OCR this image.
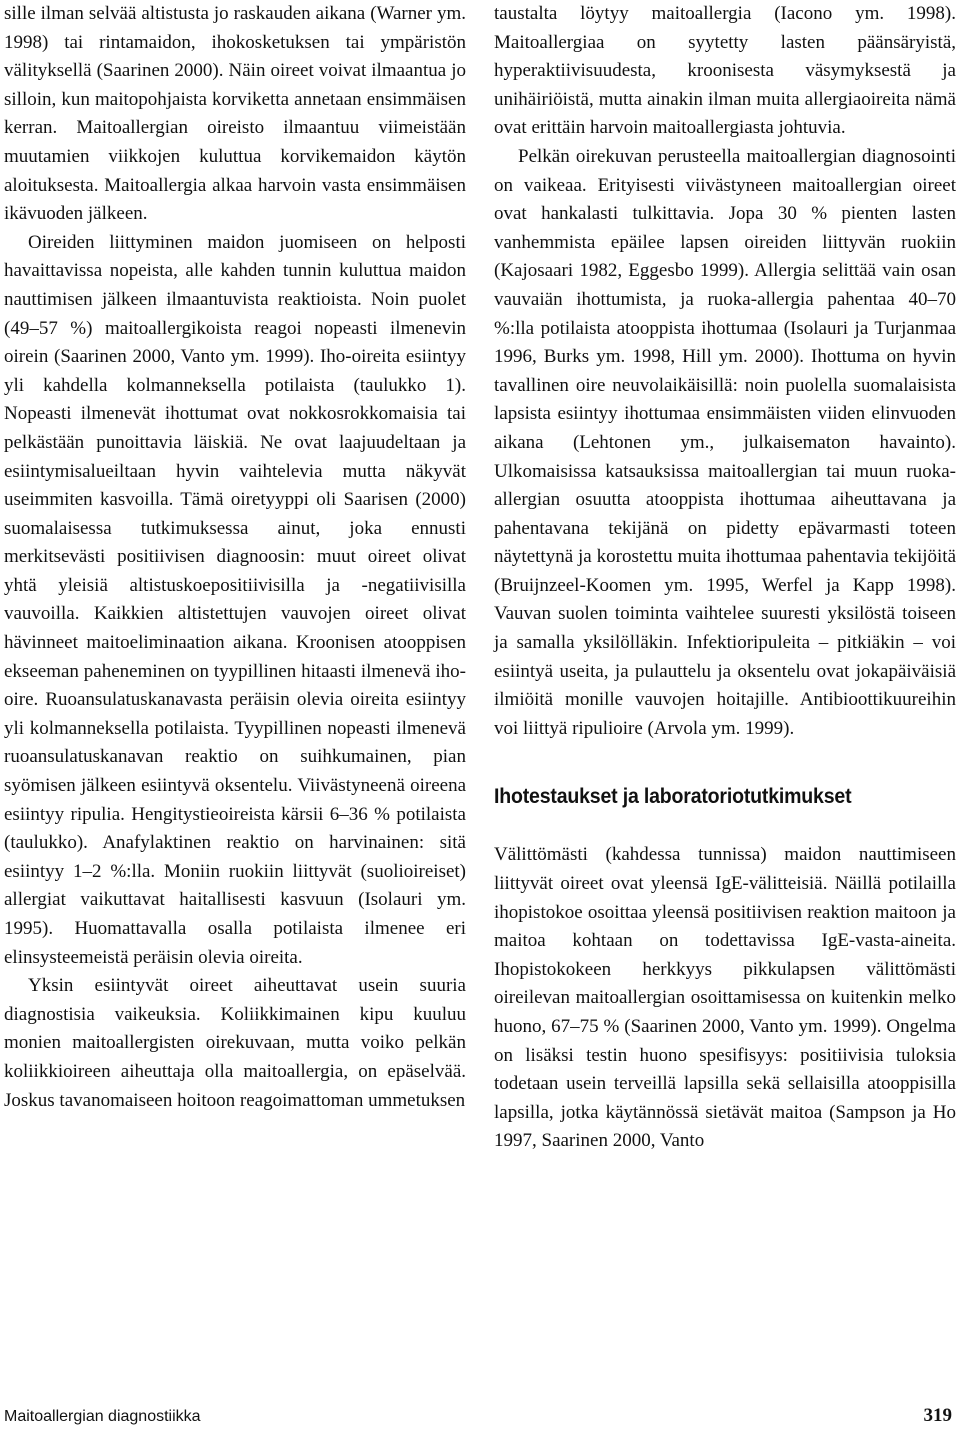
sille ilman selvää altistusta jo raskauden aikana (Warner ym. 1998) tai rintamaidon, ihokosketuksen tai ympäristön välityksellä (Saarinen 2000). Näin oireet voivat ilmaantua jo silloin, kun maitopohjaista korviketta annetaan ensimmäisen kerran. Maitoallergian oireisto ilmaantuu viimeistään muutamien viikkojen kuluttua korvikemaidon käytön aloituksesta. Maitoallergia alkaa harvoin vasta ensimmäisen ikävuoden jälkeen.

Oireiden liittyminen maidon juomiseen on helposti havaittavissa nopeista, alle kahden tunnin kuluttua maidon nauttimisen jälkeen ilmaantuvista reaktioista. Noin puolet (49–57 %) maitoallergikoista reagoi nopeasti ilmenevin oirein (Saarinen 2000, Vanto ym. 1999). Iho-oireita esiintyy yli kahdella kolmanneksella potilaista (taulukko 1). Nopeasti ilmenevät ihottumat ovat nokkosrokkomaisia tai pelkästään punoittavia läiskiä. Ne ovat laajuudeltaan ja esiintymisalueiltaan hyvin vaihtelevia mutta näkyvät useimmiten kasvoilla. Tämä oiretyyppi oli Saarisen (2000) suomalaisessa tutkimuksessa ainut, joka ennusti merkitsevästi positiivisen diagnoosin: muut oireet olivat yhtä yleisiä altistuskoepositiivisilla ja -negatiivisilla vauvoilla. Kaikkien altistettujen vauvojen oireet olivat hävinneet maitoeliminaation aikana. Kroonisen atooppisen ekseeman paheneminen on tyypillinen hitaasti ilmenevä iho-oire. Ruoansulatuskanavasta peräisin olevia oireita esiintyy yli kolmanneksella potilaista. Tyypillinen nopeasti ilmenevä ruoansulatuskanavan reaktio on suihkumainen, pian syömisen jälkeen esiintyvä oksentelu. Viivästyneenä oireena esiintyy ripulia. Hengitystieoireista kärsii 6–36 % potilaista (taulukko). Anafylaktinen reaktio on harvinainen: sitä esiintyy 1–2 %:lla. Moniin ruokiin liittyvät (suolioireiset) allergiat vaikuttavat haitallisesti kasvuun (Isolauri ym. 1995). Huomattavalla osalla potilaista ilmenee eri elinsysteemeistä peräisin olevia oireita.

Yksin esiintyvät oireet aiheuttavat usein suuria diagnostisia vaikeuksia. Koliikkimainen kipu kuuluu monien maitoallergisten oirekuvaan, mutta voiko pelkän koliikkioireen aiheuttaja olla maitoallergia, on epäselvää. Joskus tavanomaiseen hoitoon reagoimattoman ummetuksen

taustalta löytyy maitoallergia (Iacono ym. 1998). Maitoallergiaa on syytetty lasten päänsäryistä, hyperaktiivisuudesta, kroonisesta väsymyksestä ja unihäiriöistä, mutta ainakin ilman muita allergiaoireita nämä ovat erittäin harvoin maitoallergiasta johtuvia.

Pelkän oirekuvan perusteella maitoallergian diagnosointi on vaikeaa. Erityisesti viivästyneen maitoallergian oireet ovat hankalasti tulkittavia. Jopa 30 % pienten lasten vanhemmista epäilee lapsen oireiden liittyvän ruokiin (Kajosaari 1982, Eggesbo 1999). Allergia selittää vain osan vauvaiän ihottumista, ja ruoka-allergia pahentaa 40–70 %:lla potilaista atooppista ihottumaa (Isolauri ja Turjanmaa 1996, Burks ym. 1998, Hill ym. 2000). Ihottuma on hyvin tavallinen oire neuvolaikäisillä: noin puolella suomalaisista lapsista esiintyy ihottumaa ensimmäisten viiden elinvuoden aikana (Lehtonen ym., julkaisematon havainto). Ulkomaisissa katsauksissa maitoallergian tai muun ruoka-allergian osuutta atooppista ihottumaa aiheuttavana ja pahentavana tekijänä on pidetty epävarmasti toteen näytettynä ja korostettu muita ihottumaa pahentavia tekijöitä (Bruijnzeel-Koomen ym. 1995, Werfel ja Kapp 1998). Vauvan suolen toiminta vaihtelee suuresti yksilöstä toiseen ja samalla yksilölläkin. Infektioripuleita – pitkiäkin – voi esiintyä useita, ja pulauttelu ja oksentelu ovat jokapäiväisiä ilmiöitä monille vauvojen hoitajille. Antibioottikuureihin voi liittyä ripulioire (Arvola ym. 1999).

Ihotestaukset ja laboratoriotutkimukset

Välittömästi (kahdessa tunnissa) maidon nauttimiseen liittyvät oireet ovat yleensä IgE-välitteisiä. Näillä potilailla ihopistokoe osoittaa yleensä positiivisen reaktion maitoon ja maitoa kohtaan on todettavissa IgE-vasta-aineita. Ihopistokokeen herkkyys pikkulapsen välittömästi oireilevan maitoallergian osoittamisessa on kuitenkin melko huono, 67–75 % (Saarinen 2000, Vanto ym. 1999). Ongelma on lisäksi testin huono spesifisyys: positiivisia tuloksia todetaan usein terveillä lapsilla sekä sellaisilla atooppisilla lapsilla, jotka käytännössä sietävät maitoa (Sampson ja Ho 1997, Saarinen 2000, Vanto

Maitoallergian diagnostiikka	319
